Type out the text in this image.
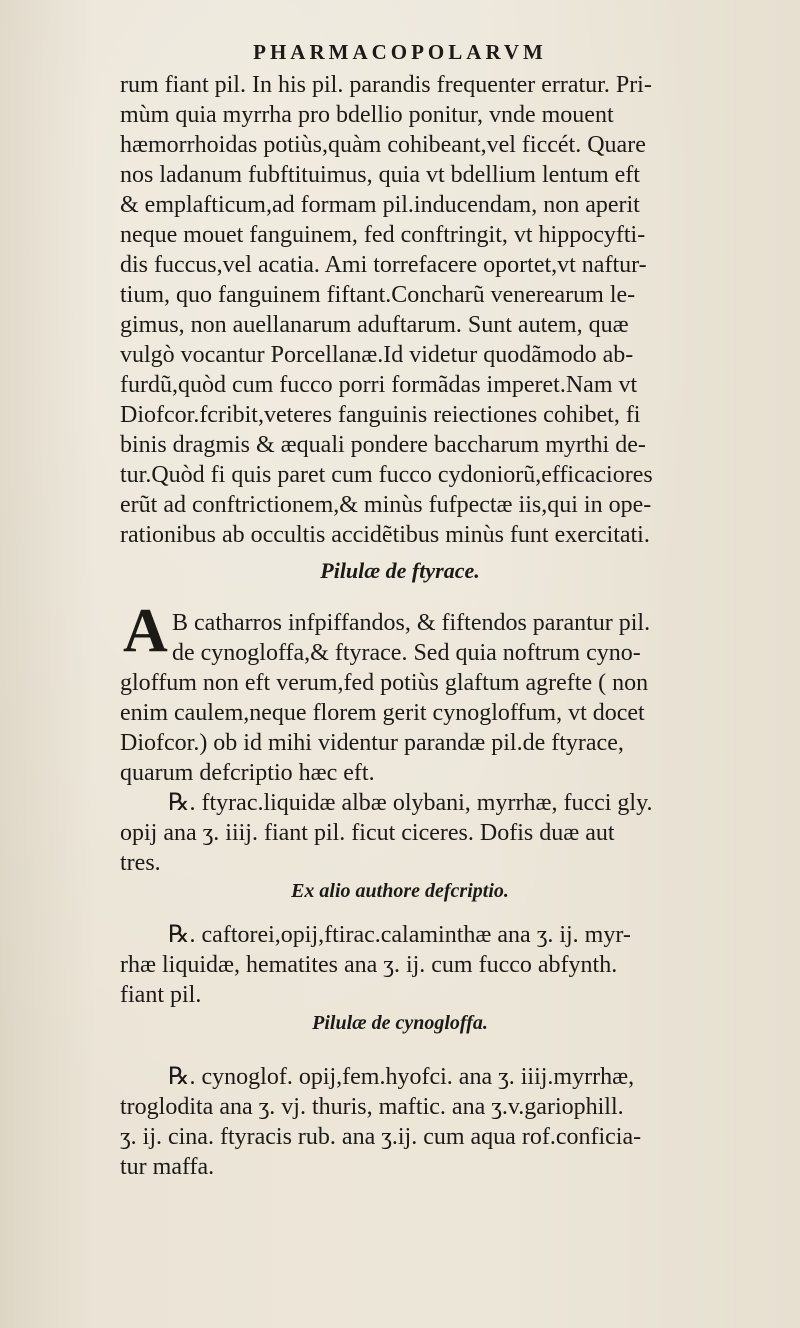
PHARMACOPOLARVM
rum fiant pil. In his pil. parandis frequenter erratur. Pri-
mùm quia myrrha pro bdellio ponitur, vnde mouent
hæmorrhoidas potiùs,quàm cohibeant,vel ficcét. Quare
nos ladanum fubftituimus, quia vt bdellium lentum eft
& emplafticum,ad formam pil.inducendam, non aperit
neque mouet fanguinem, fed conftringit, vt hippocyfti-
dis fuccus,vel acatia. Ami torrefacere oportet,vt naftur-
tium, quo fanguinem fiftant.Concharũ venerearum le-
gimus, non auellanarum aduftarum. Sunt autem, quæ
vulgò vocantur Porcellanæ.Id videtur quodãmodo ab-
furdũ,quòd cum fucco porri formãdas imperet.Nam vt
Diofcor.fcribit,veteres fanguinis reiectiones cohibet, fi
binis dragmis & æquali pondere baccharum myrthi de-
tur.Quòd fi quis paret cum fucco cydoniorũ,efficaciores
erũt ad conftrictionem,& minùs fufpectæ iis,qui in ope-
rationibus ab occultis accidẽtibus minùs funt exercitati.
Pilulæ de ftyrace.
A B catharros infpiffandos, & fiftendos parantur pil.
de cynogloffa,& ftyrace. Sed quia noftrum cyno-
gloffum non eft verum,fed potiùs glaftum agrefte ( non
enim caulem,neque florem gerit cynogloffum, vt docet
Diofcor.) ob id mihi videntur parandæ pil.de ftyrace,
quarum defcriptio hæc eft.
℞. ftyrac.liquidæ albæ olybani, myrrhæ, fucci gly.
opij ana ʒ. iiij. fiant pil. ficut ciceres. Dofis duæ aut
tres.
Ex alio authore defcriptio.
℞. caftorei,opij,ftirac.calaminthæ ana ʒ. ij. myr-
rhæ liquidæ, hematites ana ʒ. ij. cum fucco abfynth.
fiant pil.
Pilulæ de cynogloffa.
℞. cynoglof. opij,fem.hyofci. ana ʒ. iiij.myrrhæ,
troglodita ana ʒ. vj. thuris, maftic. ana ʒ.v.gariophill.
ʒ. ij. cina. ftyracis rub. ana ʒ.ij. cum aqua rof.conficia-
tur maffa.
